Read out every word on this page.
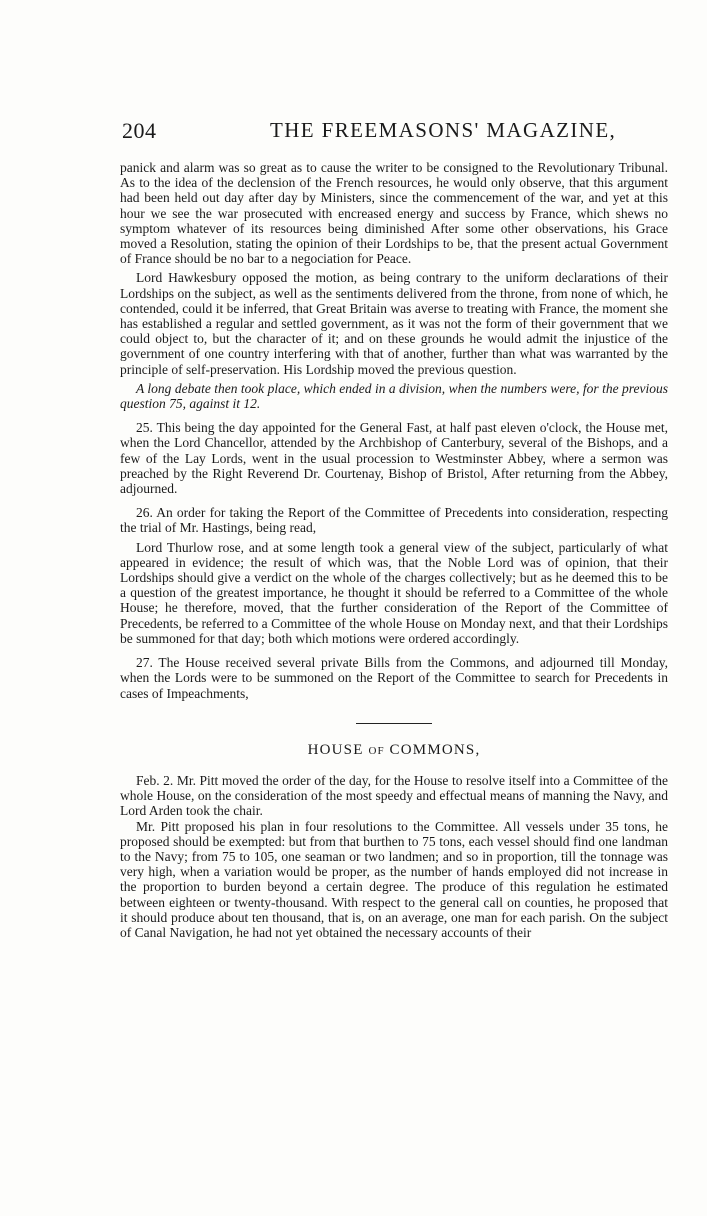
204	THE FREEMASONS' MAGAZINE,

panick and alarm was so great as to cause the writer to be consigned to the Revolutionary Tribunal. As to the idea of the declension of the French resources, he would only observe, that this argument had been held out day after day by Ministers, since the commencement of the war, and yet at this hour we see the war prosecuted with encreased energy and success by France, which shews no symptom whatever of its resources being diminished After some other observations, his Grace moved a Resolution, stating the opinion of their Lordships to be, that the present actual Government of France should be no bar to a negociation for Peace.

Lord Hawkesbury opposed the motion, as being contrary to the uniform declarations of their Lordships on the subject, as well as the sentiments delivered from the throne, from none of which, he contended, could it be inferred, that Great Britain was averse to treating with France, the moment she has established a regular and settled government, as it was not the form of their government that we could object to, but the character of it; and on these grounds he would admit the injustice of the government of one country interfering with that of another, further than what was warranted by the principle of self-preservation. His Lordship moved the previous question.

A long debate then took place, which ended in a division, when the numbers were, for the previous question 75, against it 12.

25. This being the day appointed for the General Fast, at half past eleven o'clock, the House met, when the Lord Chancellor, attended by the Archbishop of Canterbury, several of the Bishops, and a few of the Lay Lords, went in the usual procession to Westminster Abbey, where a sermon was preached by the Right Reverend Dr. Courtenay, Bishop of Bristol, After returning from the Abbey, adjourned.

26. An order for taking the Report of the Committee of Precedents into consideration, respecting the trial of Mr. Hastings, being read,

Lord Thurlow rose, and at some length took a general view of the subject, particularly of what appeared in evidence; the result of which was, that the Noble Lord was of opinion, that their Lordships should give a verdict on the whole of the charges collectively; but as he deemed this to be a question of the greatest importance, he thought it should be referred to a Committee of the whole House; he therefore, moved, that the further consideration of the Report of the Committee of Precedents, be referred to a Committee of the whole House on Monday next, and that their Lordships be summoned for that day; both which motions were ordered accordingly.

27. The House received several private Bills from the Commons, and adjourned till Monday, when the Lords were to be summoned on the Report of the Committee to search for Precedents in cases of Impeachments,

HOUSE OF COMMONS,

Feb. 2. Mr. Pitt moved the order of the day, for the House to resolve itself into a Committee of the whole House, on the consideration of the most speedy and effectual means of manning the Navy, and Lord Arden took the chair.

Mr. Pitt proposed his plan in four resolutions to the Committee. All vessels under 35 tons, he proposed should be exempted: but from that burthen to 75 tons, each vessel should find one landman to the Navy; from 75 to 105, one seaman or two landmen; and so in proportion, till the tonnage was very high, when a variation would be proper, as the number of hands employed did not increase in the proportion to burden beyond a certain degree. The produce of this regulation he estimated between eighteen or twenty-thousand. With respect to the general call on counties, he proposed that it should produce about ten thousand, that is, on an average, one man for each parish. On the subject of Canal Navigation, he had not yet obtained the necessary accounts of their
